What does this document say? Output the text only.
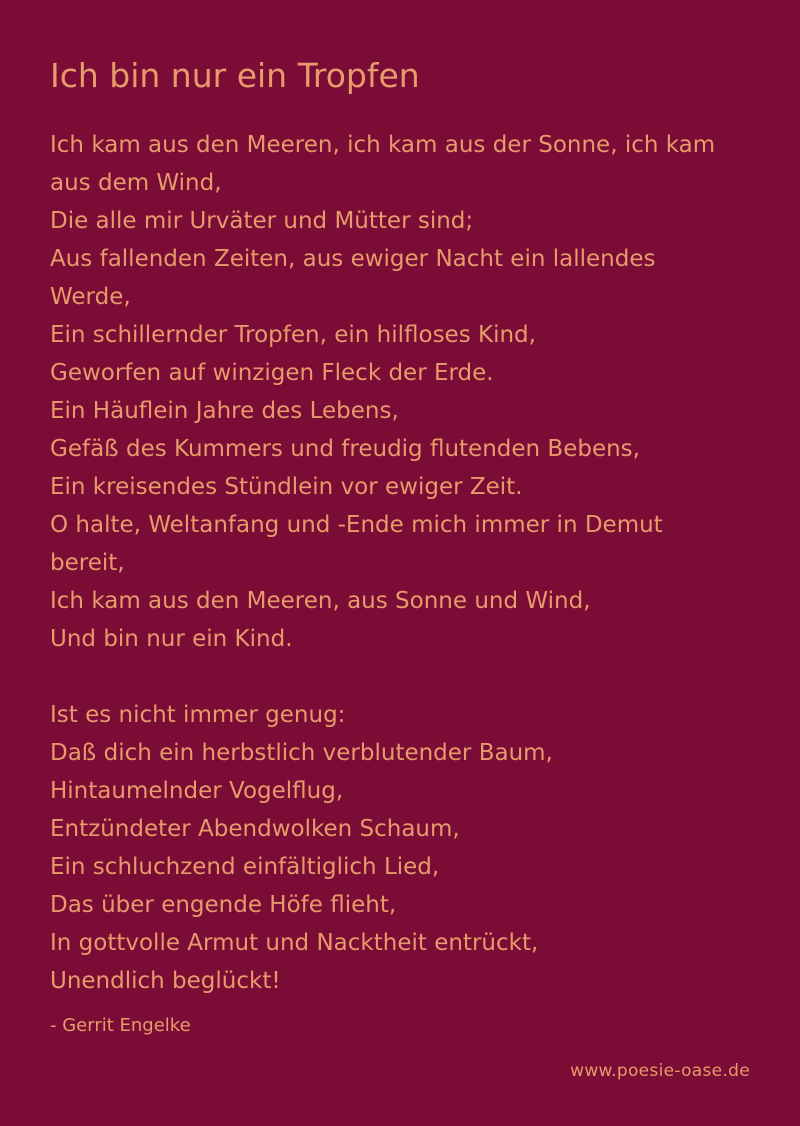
Ich bin nur ein Tropfen
Ich kam aus den Meeren, ich kam aus der Sonne, ich kam
aus dem Wind,
Die alle mir Urväter und Mütter sind;
Aus fallenden Zeiten, aus ewiger Nacht ein lallendes
Werde,
Ein schillernder Tropfen, ein hilfloses Kind,
Geworfen auf winzigen Fleck der Erde.
Ein Häuflein Jahre des Lebens,
Gefäß des Kummers und freudig flutenden Bebens,
Ein kreisendes Stündlein vor ewiger Zeit.
O halte, Weltanfang und -Ende mich immer in Demut
bereit,
Ich kam aus den Meeren, aus Sonne und Wind,
Und bin nur ein Kind.
Ist es nicht immer genug:
Daß dich ein herbstlich verblutender Baum,
Hintaumelnder Vogelflug,
Entzündeter Abendwolken Schaum,
Ein schluchzend einfältiglich Lied,
Das über engende Höfe flieht,
In gottvolle Armut und Nacktheit entrückt,
Unendlich beglückt!
- Gerrit Engelke
www.poesie-oase.de
